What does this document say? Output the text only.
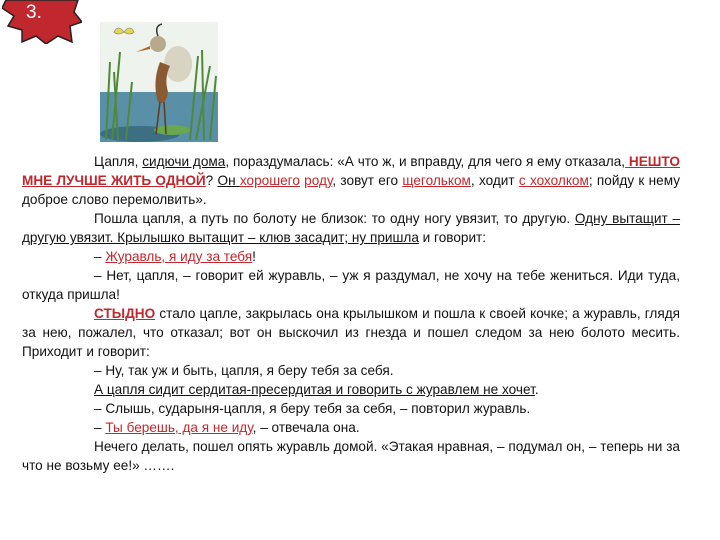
3.

Цапля, сидючи дома, пораздумалась: «А что ж, и вправду, для чего я ему отказала, НЕШТО МНЕ ЛУЧШЕ ЖИТЬ ОДНОЙ? Он хорошего роду, зовут его щегольком, ходит с хохолком; пойду к нему доброе слово перемолвить».

Пошла цапля, а путь по болоту не близок: то одну ногу увязит, то другую. Одну вытащит – другую увязит. Крылышко вытащит – клюв засадит; ну пришла и говорит:

– Журавль, я иду за тебя!

– Нет, цапля, – говорит ей журавль, – уж я раздумал, не хочу на тебе жениться. Иди туда, откуда пришла!

СТЫДНО стало цапле, закрылась она крылышком и пошла к своей кочке; а журавль, глядя за нею, пожалел, что отказал; вот он выскочил из гнезда и пошел следом за нею болото месить. Приходит и говорит:

– Ну, так уж и быть, цапля, я беру тебя за себя.

А цапля сидит сердитая-пресердитая и говорить с журавлем не хочет.

– Слышь, сударыня-цапля, я беру тебя за себя, – повторил журавль.

– Ты берешь, да я не иду, – отвечала она.

Нечего делать, пошел опять журавль домой. «Этакая нравная, – подумал он, – теперь ни за что не возьму ее!» …….
